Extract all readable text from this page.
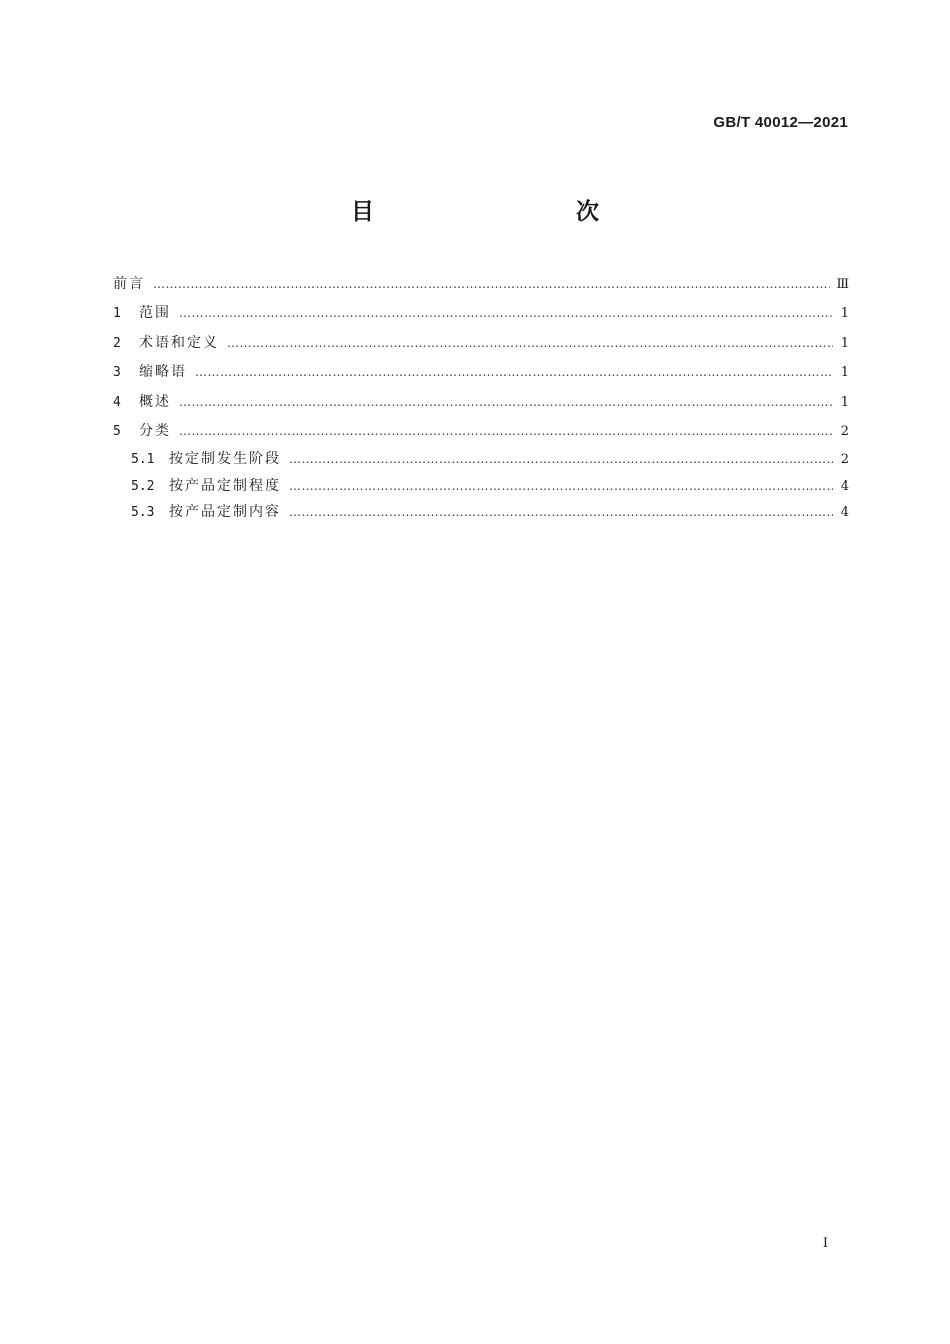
GB/T 40012—2021
目　　次
前言 ……………………………………………………………………………………………………………………………………………………………………………………………………………………………………	Ⅲ
1	范围 ……………………………………………………………………………………………………………………………………………………………………………………………………………………………………	1
2	术语和定义 ……………………………………………………………………………………………………………………………………………………………………………………………………………………………………	1
3	缩略语 ……………………………………………………………………………………………………………………………………………………………………………………………………………………………………	1
4	概述 ……………………………………………………………………………………………………………………………………………………………………………………………………………………………………	1
5	分类 ……………………………………………………………………………………………………………………………………………………………………………………………………………………………………	2
5.1	按定制发生阶段 ……………………………………………………………………………………………………………………………………………………………………………………………………………………………………	2
5.2	按产品定制程度 ……………………………………………………………………………………………………………………………………………………………………………………………………………………………………	4
5.3	按产品定制内容 ……………………………………………………………………………………………………………………………………………………………………………………………………………………………………	4
I
